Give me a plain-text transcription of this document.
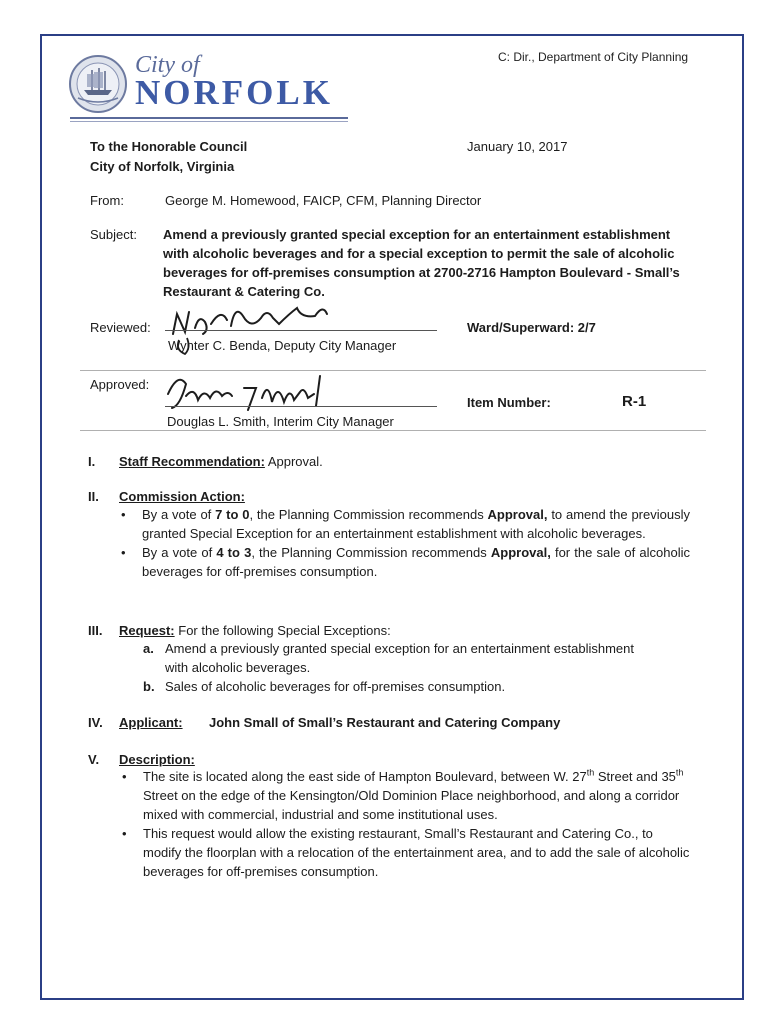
City of
NORFOLK
C: Dir., Department of City Planning
To the Honorable Council
City of Norfolk, Virginia
January 10, 2017
From:	George M. Homewood, FAICP, CFM, Planning Director
Subject: Amend a previously granted special exception for an entertainment establishment
with alcoholic beverages and for a special exception to permit the sale of alcoholic
beverages for off-premises consumption at 2700-2716 Hampton Boulevard - Small’s
Restaurant & Catering Co.
Reviewed:
Wynter C. Benda, Deputy City Manager
Ward/Superward: 2/7
Approved:
Douglas L. Smith, Interim City Manager
Item Number:	R-1
I. Staff Recommendation: Approval.
II. Commission Action:
• By a vote of 7 to 0, the Planning Commission recommends Approval, to amend the previously granted Special Exception for an entertainment establishment with alcoholic beverages.
• By a vote of 4 to 3, the Planning Commission recommends Approval, for the sale of alcoholic beverages for off-premises consumption.
III. Request: For the following Special Exceptions:
a. Amend a previously granted special exception for an entertainment establishment
with alcoholic beverages.
b. Sales of alcoholic beverages for off-premises consumption.
IV. Applicant: John Small of Small’s Restaurant and Catering Company
V. Description:
• The site is located along the east side of Hampton Boulevard, between W. 27th Street and 35th Street on the edge of the Kensington/Old Dominion Place neighborhood, and along a corridor mixed with commercial, industrial and some institutional uses.
• This request would allow the existing restaurant, Small’s Restaurant and Catering Co., to modify the floorplan with a relocation of the entertainment area, and to add the sale of alcoholic beverages for off-premises consumption.
